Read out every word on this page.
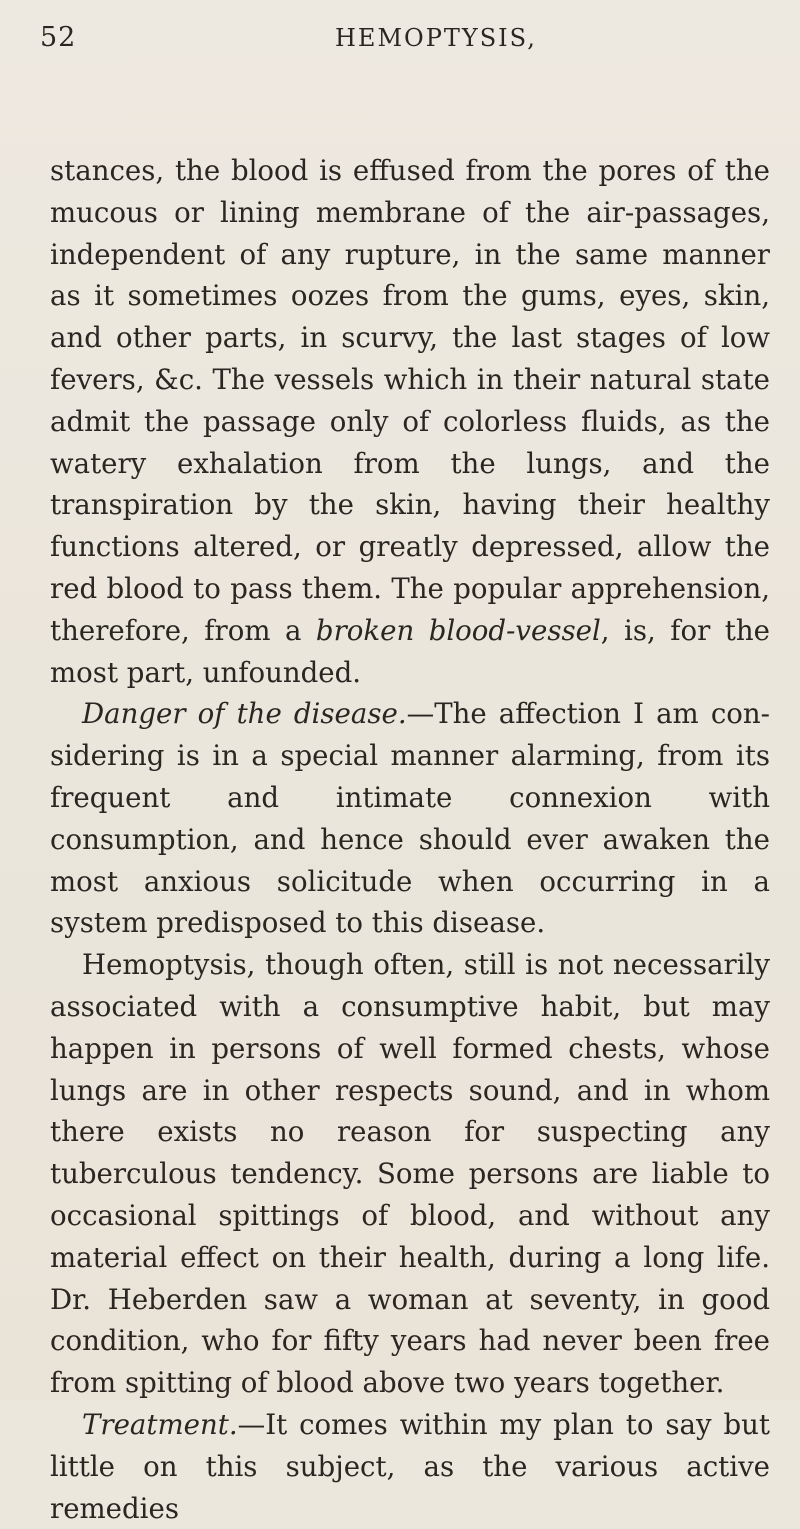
52	HEMOPTYSIS,

stances, the blood is effused from the pores of the mucous or lining membrane of the air-passages, independent of any rupture, in the same manner as it sometimes oozes from the gums, eyes, skin, and other parts, in scurvy, the last stages of low fevers, &c. The vessels which in their natural state admit the passage only of colorless fluids, as the watery exhalation from the lungs, and the transpiration by the skin, having their healthy functions altered, or greatly depressed, allow the red blood to pass them. The popular apprehension, therefore, from a broken blood-vessel, is, for the most part, unfounded.

Danger of the disease.—The affection I am considering is in a special manner alarming, from its frequent and intimate connexion with consumption, and hence should ever awaken the most anxious solicitude when occurring in a system predisposed to this disease.

Hemoptysis, though often, still is not necessarily associated with a consumptive habit, but may happen in persons of well formed chests, whose lungs are in other respects sound, and in whom there exists no reason for suspecting any tuberculous tendency. Some persons are liable to occasional spittings of blood, and without any material effect on their health, during a long life. Dr. Heberden saw a woman at seventy, in good condition, who for fifty years had never been free from spitting of blood above two years together.

Treatment.—It comes within my plan to say but little on this subject, as the various active remedies
